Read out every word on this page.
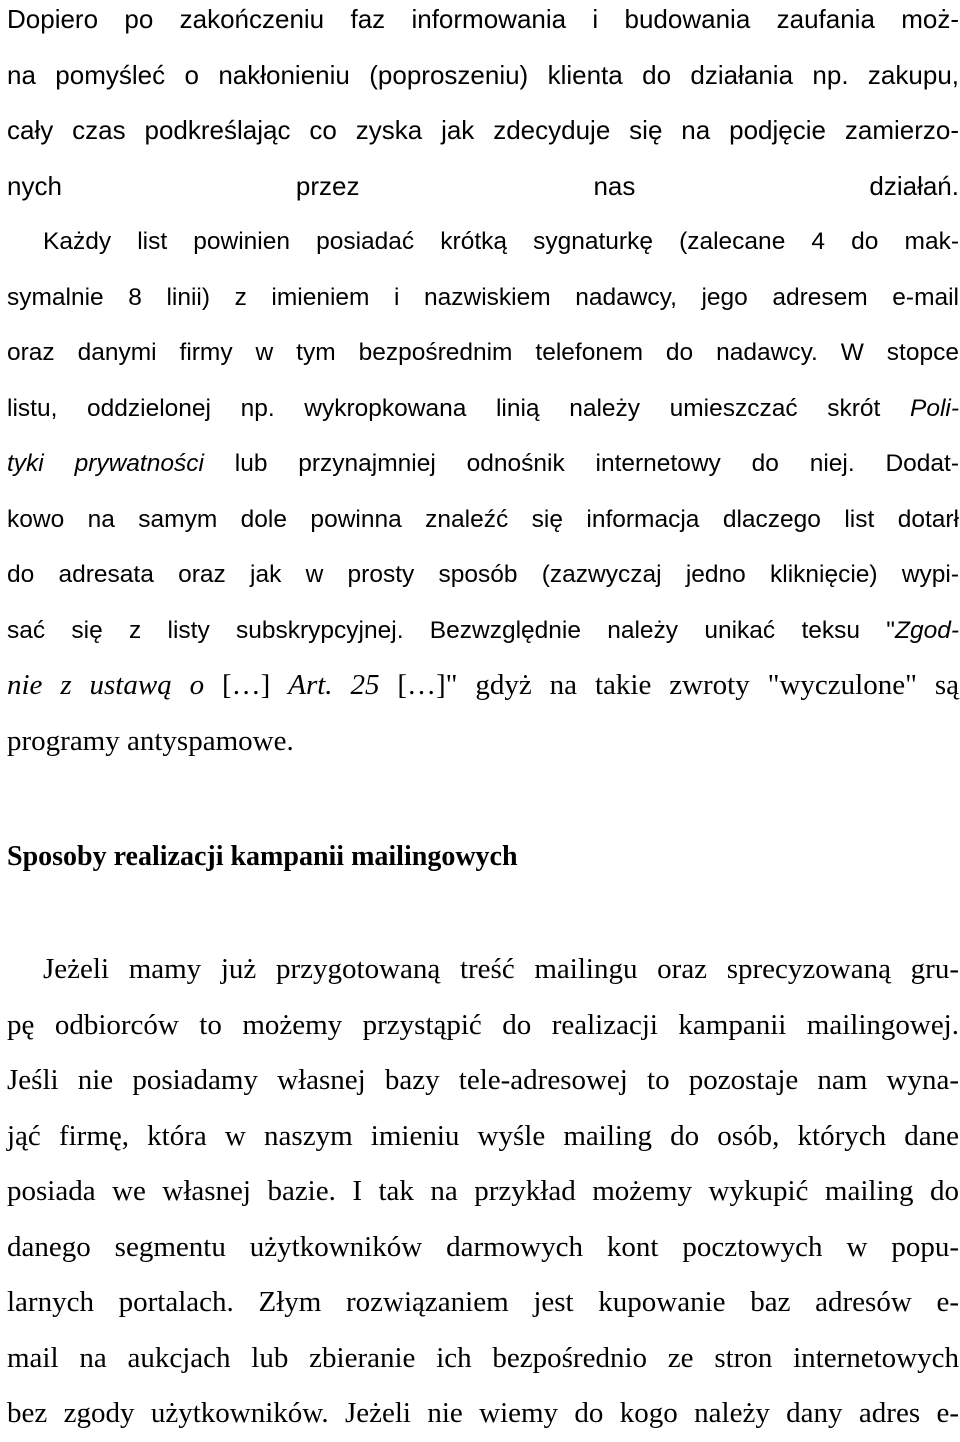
Dopiero po zakończeniu faz informowania i budowania zaufania moż-
na pomyśleć o nakłonieniu (poproszeniu) klienta do działania np. zakupu,
cały czas podkreślając co zyska jak zdecyduje się na podjęcie zamierzo-
nych przez nas działań.

Każdy list powinien posiadać krótką sygnaturkę (zalecane 4 do mak-
symalnie 8 linii) z imieniem i nazwiskiem nadawcy, jego adresem e-mail
oraz danymi firmy w tym bezpośrednim telefonem do nadawcy. W stopce
listu, oddzielonej np. wykropkowana linią należy umieszczać skrót Poli-
tyki prywatności lub przynajmniej odnośnik internetowy do niej. Dodat-
kowo na samym dole powinna znaleźć się informacja dlaczego list dotarł
do adresata oraz jak w prosty sposób (zazwyczaj jedno kliknięcie) wypi-
sać się z listy subskrypcyjnej. Bezwzględnie należy unikać teksu "Zgod-
nie z ustawą o […] Art. 25 […]" gdyż na takie zwroty "wyczulone" są
programy antyspamowe.

Sposoby realizacji kampanii mailingowych

Jeżeli mamy już przygotowaną treść mailingu oraz sprecyzowaną gru-
pę odbiorców to możemy przystąpić do realizacji kampanii mailingowej.
Jeśli nie posiadamy własnej bazy tele-adresowej to pozostaje nam wyna-
jąć firmę, która w naszym imieniu wyśle mailing do osób, których dane
posiada we własnej bazie. I tak na przykład możemy wykupić mailing do
danego segmentu użytkowników darmowych kont pocztowych w popu-
larnych portalach. Złym rozwiązaniem jest kupowanie baz adresów e-
mail na aukcjach lub zbieranie ich bezpośrednio ze stron internetowych
bez zgody użytkowników. Jeżeli nie wiemy do kogo należy dany adres e-
